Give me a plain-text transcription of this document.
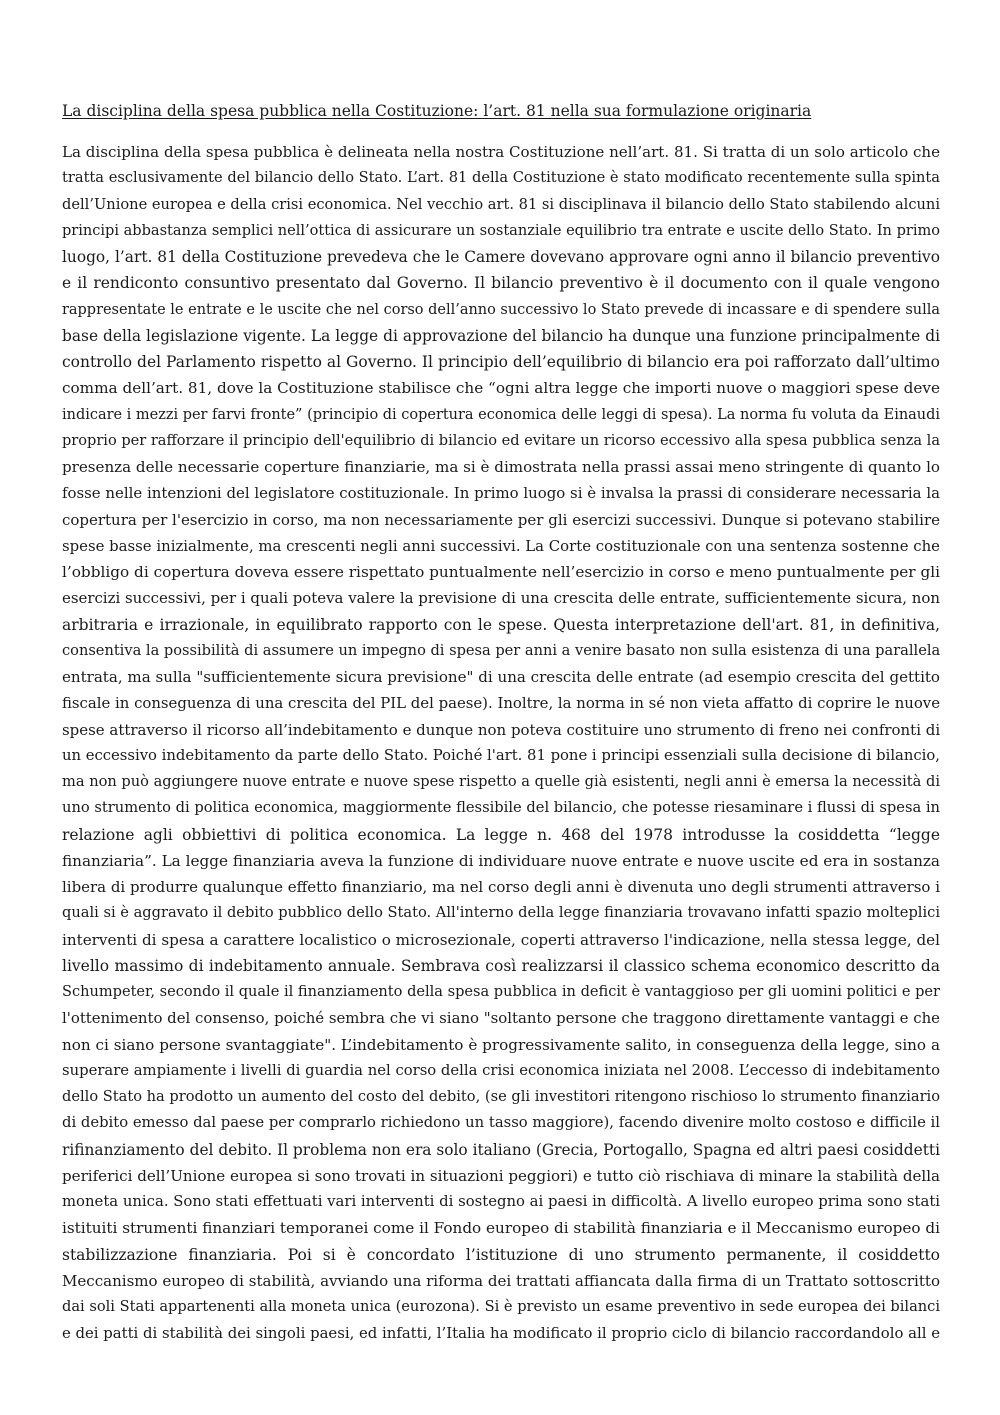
La disciplina della spesa pubblica nella Costituzione: l’art. 81 nella sua formulazione originaria

La disciplina della spesa pubblica è delineata nella nostra Costituzione nell’art. 81. Si tratta di un solo articolo che
tratta esclusivamente del bilancio dello Stato. L’art. 81 della Costituzione è stato modificato recentemente sulla spinta
dell’Unione europea e della crisi economica. Nel vecchio art. 81 si disciplinava il bilancio dello Stato stabilendo alcuni
principi abbastanza semplici nell’ottica di assicurare un sostanziale equilibrio tra entrate e uscite dello Stato. In primo
luogo, l’art. 81 della Costituzione prevedeva che le Camere dovevano approvare ogni anno il bilancio preventivo
e il rendiconto consuntivo presentato dal Governo. Il bilancio preventivo è il documento con il quale vengono
rappresentate le entrate e le uscite che nel corso dell’anno successivo lo Stato prevede di incassare e di spendere sulla
base della legislazione vigente. La legge di approvazione del bilancio ha dunque una funzione principalmente di
controllo del Parlamento rispetto al Governo. Il principio dell’equilibrio di bilancio era poi rafforzato dall’ultimo
comma dell’art. 81, dove la Costituzione stabilisce che “ogni altra legge che importi nuove o maggiori spese deve
indicare i mezzi per farvi fronte” (principio di copertura economica delle leggi di spesa). La norma fu voluta da Einaudi
proprio per rafforzare il principio dell'equilibrio di bilancio ed evitare un ricorso eccessivo alla spesa pubblica senza la
presenza delle necessarie coperture finanziarie, ma si è dimostrata nella prassi assai meno stringente di quanto lo
fosse nelle intenzioni del legislatore costituzionale. In primo luogo si è invalsa la prassi di considerare necessaria la
copertura per l'esercizio in corso, ma non necessariamente per gli esercizi successivi. Dunque si potevano stabilire
spese basse inizialmente, ma crescenti negli anni successivi. La Corte costituzionale con una sentenza sostenne che
l’obbligo di copertura doveva essere rispettato puntualmente nell’esercizio in corso e meno puntualmente per gli
esercizi successivi, per i quali poteva valere la previsione di una crescita delle entrate, sufficientemente sicura, non
arbitraria e irrazionale, in equilibrato rapporto con le spese. Questa interpretazione dell'art. 81, in definitiva,
consentiva la possibilità di assumere un impegno di spesa per anni a venire basato non sulla esistenza di una parallela
entrata, ma sulla "sufficientemente sicura previsione" di una crescita delle entrate (ad esempio crescita del gettito
fiscale in conseguenza di una crescita del PIL del paese). Inoltre, la norma in sé non vieta affatto di coprire le nuove
spese attraverso il ricorso all’indebitamento e dunque non poteva costituire uno strumento di freno nei confronti di
un eccessivo indebitamento da parte dello Stato. Poiché l'art. 81 pone i principi essenziali sulla decisione di bilancio,
ma non può aggiungere nuove entrate e nuove spese rispetto a quelle già esistenti, negli anni è emersa la necessità di
uno strumento di politica economica, maggiormente flessibile del bilancio, che potesse riesaminare i flussi di spesa in
relazione agli obbiettivi di politica economica. La legge n. 468 del 1978 introdusse la cosiddetta “legge
finanziaria”. La legge finanziaria aveva la funzione di individuare nuove entrate e nuove uscite ed era in sostanza
libera di produrre qualunque effetto finanziario, ma nel corso degli anni è divenuta uno degli strumenti attraverso i
quali si è aggravato il debito pubblico dello Stato. All'interno della legge finanziaria trovavano infatti spazio molteplici
interventi di spesa a carattere localistico o microsezionale, coperti attraverso l'indicazione, nella stessa legge, del
livello massimo di indebitamento annuale. Sembrava così realizzarsi il classico schema economico descritto da
Schumpeter, secondo il quale il finanziamento della spesa pubblica in deficit è vantaggioso per gli uomini politici e per
l'ottenimento del consenso, poiché sembra che vi siano "soltanto persone che traggono direttamente vantaggi e che
non ci siano persone svantaggiate". L’indebitamento è progressivamente salito, in conseguenza della legge, sino a
superare ampiamente i livelli di guardia nel corso della crisi economica iniziata nel 2008. L’eccesso di indebitamento
dello Stato ha prodotto un aumento del costo del debito, (se gli investitori ritengono rischioso lo strumento finanziario
di debito emesso dal paese per comprarlo richiedono un tasso maggiore), facendo divenire molto costoso e difficile il
rifinanziamento del debito. Il problema non era solo italiano (Grecia, Portogallo, Spagna ed altri paesi cosiddetti
periferici dell’Unione europea si sono trovati in situazioni peggiori) e tutto ciò rischiava di minare la stabilità della
moneta unica. Sono stati effettuati vari interventi di sostegno ai paesi in difficoltà. A livello europeo prima sono stati
istituiti strumenti finanziari temporanei come il Fondo europeo di stabilità finanziaria e il Meccanismo europeo di
stabilizzazione finanziaria. Poi si è concordato l’istituzione di uno strumento permanente, il cosiddetto
Meccanismo europeo di stabilità, avviando una riforma dei trattati affiancata dalla firma di un Trattato sottoscritto
dai soli Stati appartenenti alla moneta unica (eurozona). Si è previsto un esame preventivo in sede europea dei bilanci
e dei patti di stabilità dei singoli paesi, ed infatti, l’Italia ha modificato il proprio ciclo di bilancio raccordandolo all e
